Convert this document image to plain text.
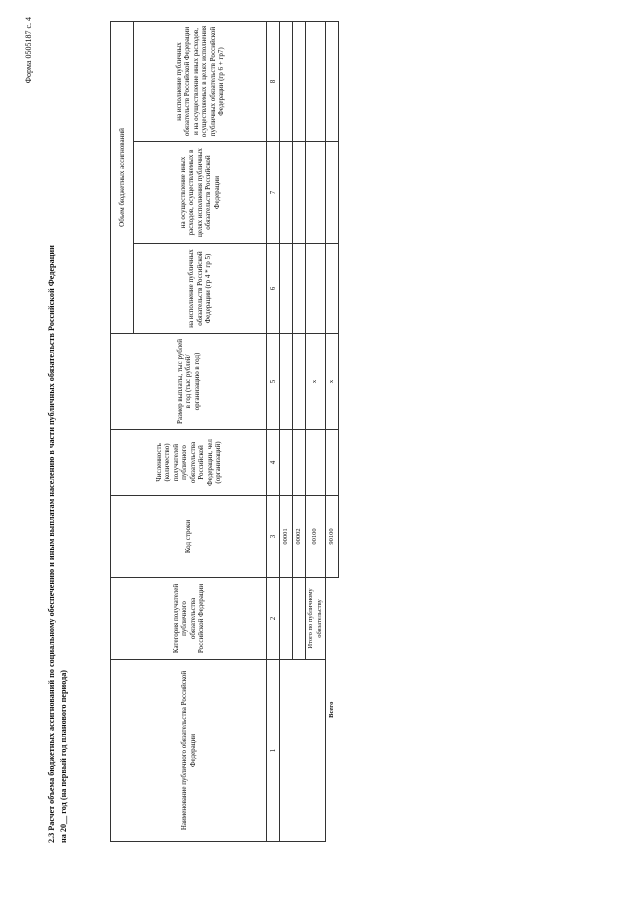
Форма 0505187 с. 4
2.3 Расчет объема бюджетных ассигнований по социальному обеспечению и иным выплатам населению в части публичных обязательств Российской Федерации на 20__ год (на первый год планового периода)	Наименование публичного обязательства Российской Федерации	Категория получателей публичного обязательства Российской Федерации	Код строки	Численность (количество) получателей публичного обязательства Российской Федерации, чел (организаций)	Размер выплаты, тыс рублей в год (тыс рублей/организацию в год)	Объем бюджетных ассигнований		
					на исполнение публичных обязательств Российской Федерации (гр 4 * гр 5)	на осуществление иных расходов, осуществляемых в целях исполнения публичных обязательств Российской Федерации	на исполнение публичных обязательств Российской Федерации и на осуществление иных расходов, осуществляемых в целях исполнения публичных обязательств Российской Федерации (гр 6 + гр7)
1	2	3	4	5	6	7	8
		00001					
		00002					
	Итого по публичному обязательству	00100		x			
Всего		90100		x			
